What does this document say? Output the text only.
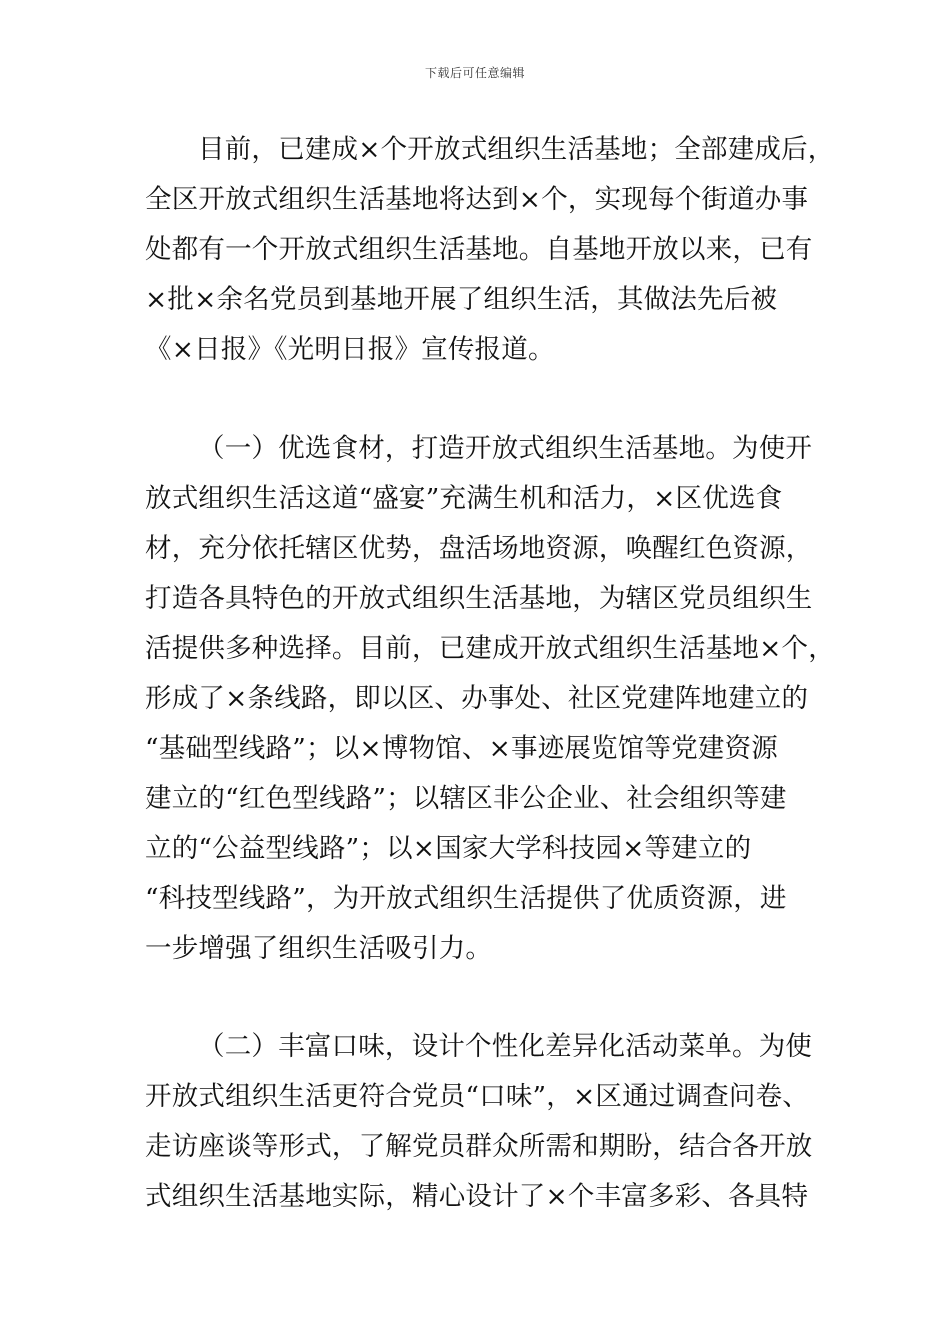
下载后可任意编辑
目前，已建成×个开放式组织生活基地；全部建成后，
全区开放式组织生活基地将达到×个，实现每个街道办事
处都有一个开放式组织生活基地。自基地开放以来，已有
×批×余名党员到基地开展了组织生活，其做法先后被
《×日报》《光明日报》宣传报道。
（一）优选食材，打造开放式组织生活基地。为使开
放式组织生活这道“盛宴”充满生机和活力，×区优选食
材，充分依托辖区优势，盘活场地资源，唤醒红色资源，
打造各具特色的开放式组织生活基地，为辖区党员组织生
活提供多种选择。目前，已建成开放式组织生活基地×个，
形成了×条线路，即以区、办事处、社区党建阵地建立的
“基础型线路”；以×博物馆、×事迹展览馆等党建资源
建立的“红色型线路”；以辖区非公企业、社会组织等建
立的“公益型线路”；以×国家大学科技园×等建立的
“科技型线路”，为开放式组织生活提供了优质资源，进
一步增强了组织生活吸引力。
（二）丰富口味，设计个性化差异化活动菜单。为使
开放式组织生活更符合党员“口味”，×区通过调查问卷、
走访座谈等形式，了解党员群众所需和期盼，结合各开放
式组织生活基地实际，精心设计了×个丰富多彩、各具特
